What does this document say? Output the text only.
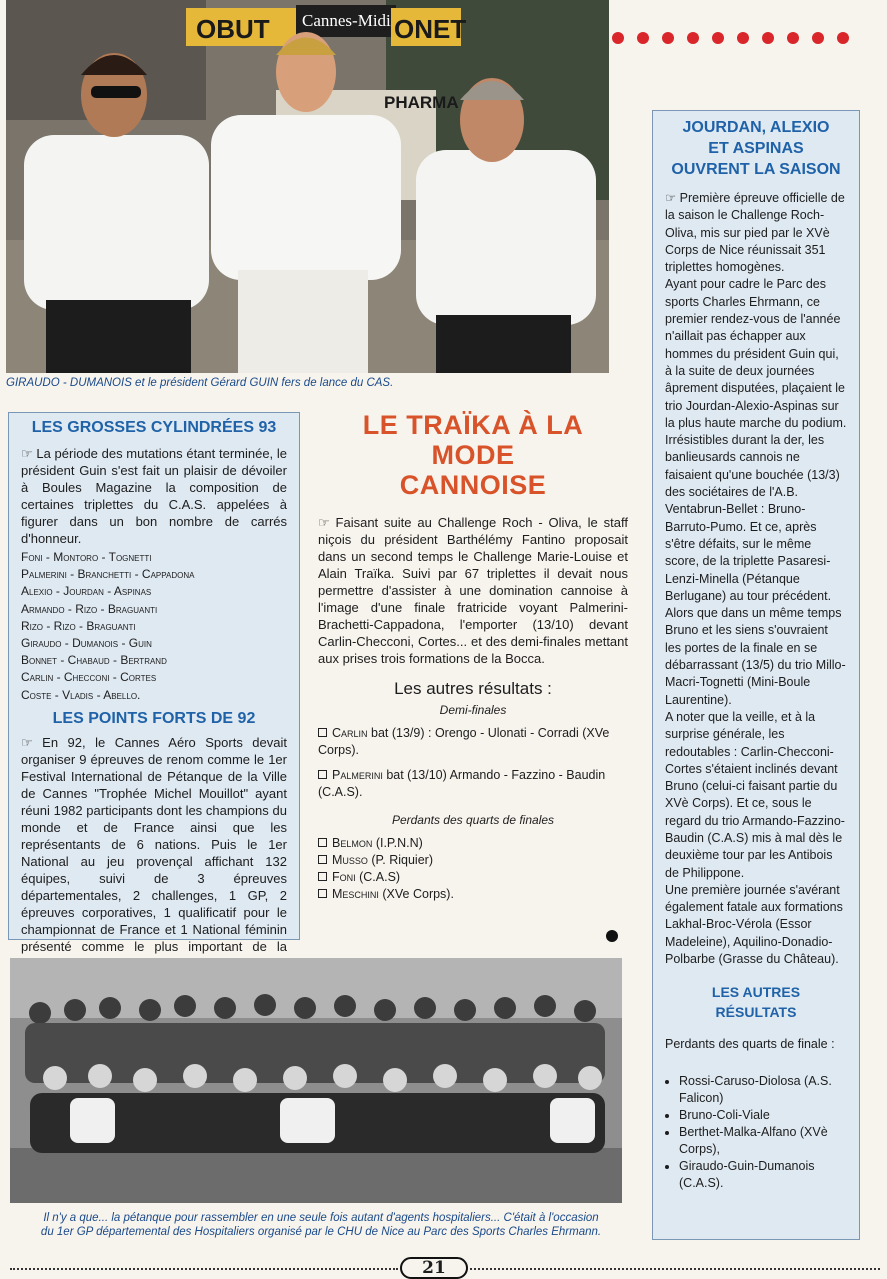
OBUT Cannes-Midi ONET
PHARMA
GIRAUDO - DUMANOIS et le président Gérard GUIN fers de lance du CAS.
LES GROSSES CYLINDRÉES 93

☞ La période des mutations étant terminée, le président Guin s'est fait un plaisir de dévoiler à Boules Magazine la composition de certaines triplettes du C.A.S. appelées à figurer dans un bon nombre de carrés d'honneur.

Foni - Montoro - Tognetti
Palmerini - Branchetti - Cappadona
Alexio - Jourdan - Aspinas
Armando - Rizo - Braguanti
Rizo - Rizo - Braguanti
Giraudo - Dumanois - Guin
Bonnet - Chabaud - Bertrand
Carlin - Checconi - Cortes
Coste - Vladis - Abello.
LES POINTS FORTS DE 92

☞ En 92, le Cannes Aéro Sports devait organiser 9 épreuves de renom comme le 1er Festival International de Pétanque de la Ville de Cannes "Trophée Michel Mouillot" ayant réuni 1982 participants dont les champions du monde et de France ainsi que les représentants de 6 nations. Puis le 1er National au jeu provençal affichant 132 équipes, suivi de 3 épreuves départementales, 2 challenges, 1 GP, 2 épreuves corporatives, 1 qualificatif pour le championnat de France et 1 National féminin présenté comme le plus important de la

LE TRAÏKA À LA MODE
CANNOISE

☞ Faisant suite au Challenge Roch - Oliva, le staff niçois du président Barthélémy Fantino proposait dans un second temps le Challenge Marie-Louise et Alain Traïka. Suivi par 67 triplettes il devait nous permettre d'assister à une domination cannoise à l'image d'une finale fratricide voyant Palmerini-Brachetti-Cappadona, l'emporter (13/10) devant Carlin-Checconi, Cortes... et des demi-finales mettant aux prises trois formations de la Bocca.

Les autres résultats :
Demi-finales
Carlin bat (13/9) : Orengo - Ulonati - Corradi (XVe Corps).
Palmerini bat (13/10) Armando - Fazzino - Baudin (C.A.S).
Perdants des quarts de finales
Belmon (I.P.N.N)
Musso (P. Riquier)
Foni (C.A.S)
Meschini (XVe Corps).
JOURDAN, ALEXIO
ET ASPINAS
OUVRENT LA SAISON

☞ Première épreuve officielle de la saison le Challenge Roch-Oliva, mis sur pied par le XVè Corps de Nice réunissait 351 triplettes homogènes.
Ayant pour cadre le Parc des sports Charles Ehrmann, ce premier rendez-vous de l'année n'aillait pas échapper aux hommes du président Guin qui, à la suite de deux journées âprement disputées, plaçaient le trio Jourdan-Alexio-Aspinas sur la plus haute marche du podium. Irrésistibles durant la der, les banlieusards cannois ne faisaient qu'une bouchée (13/3) des sociétaires de l'A.B. Ventabrun-Bellet : Bruno-Barruto-Pumo. Et ce, après s'être défaits, sur le même score, de la triplette Pasaresi-Lenzi-Minella (Pétanque Berlugane) au tour précédent.
Alors que dans un même temps Bruno et les siens s'ouvraient les portes de la finale en se débarrassant (13/5) du trio Millo-Macri-Tognetti (Mini-Boule Laurentine).
A noter que la veille, et à la surprise générale, les redoutables : Carlin-Checconi-Cortes s'étaient inclinés devant Bruno (celui-ci faisant partie du XVè Corps). Et ce, sous le regard du trio Armando-Fazzino-Baudin (C.A.S) mis à mal dès le deuxième tour par les Antibois de Philippone.
Une première journée s'avérant également fatale aux formations Lakhal-Broc-Vérola (Essor Madeleine), Aquilino-Donadio-Polbarbe (Grasse du Château).

LES AUTRES
RÉSULTATS

Perdants des quarts de finale :

• Rossi-Caruso-Diolosa (A.S. Falicon)
• Bruno-Coli-Viale
• Berthet-Malka-Alfano (XVè Corps),
• Giraudo-Guin-Dumanois (C.A.S).
Il n'y a que... la pétanque pour rassembler en une seule fois autant d'agents hospitaliers... C'était à l'occasion
du 1er GP départemental des Hospitaliers organisé par le CHU de Nice au Parc des Sports Charles Ehrmann.
21
